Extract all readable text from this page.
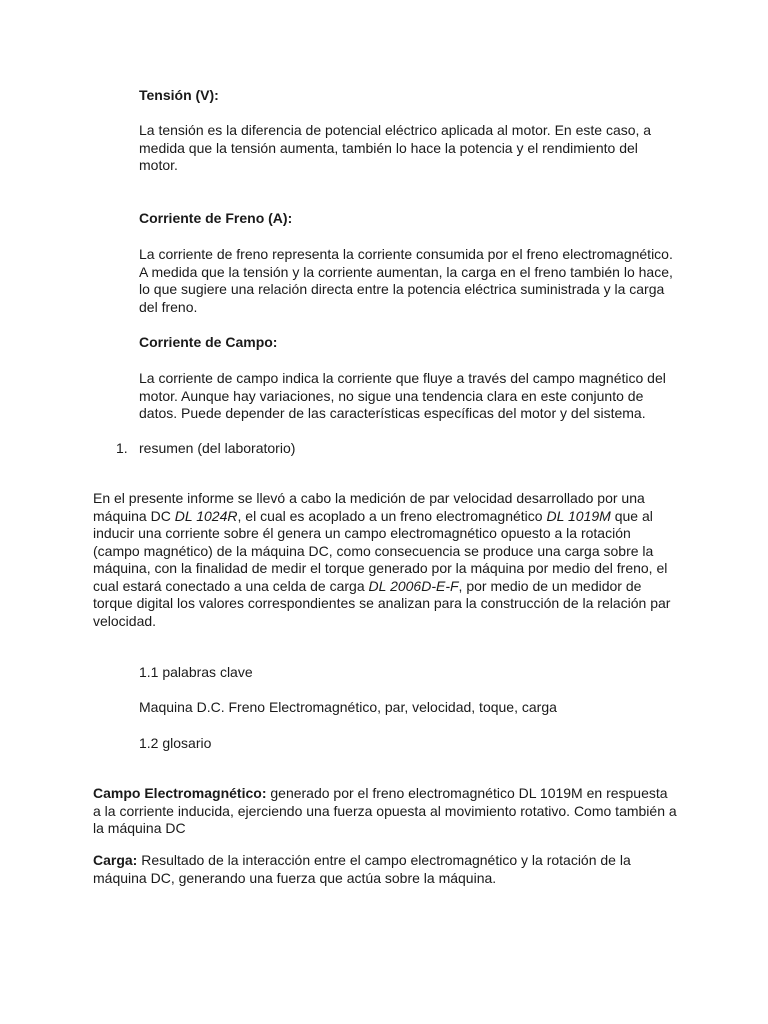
Tensión (V):

La tensión es la diferencia de potencial eléctrico aplicada al motor. En este caso, a medida que la tensión aumenta, también lo hace la potencia y el rendimiento del motor.

Corriente de Freno (A):

La corriente de freno representa la corriente consumida por el freno electromagnético. A medida que la tensión y la corriente aumentan, la carga en el freno también lo hace, lo que sugiere una relación directa entre la potencia eléctrica suministrada y la carga del freno.

Corriente de Campo:

La corriente de campo indica la corriente que fluye a través del campo magnético del motor. Aunque hay variaciones, no sigue una tendencia clara en este conjunto de datos. Puede depender de las características específicas del motor y del sistema.

1. resumen (del laboratorio)

En el presente informe se llevó a cabo la medición de par velocidad desarrollado por una máquina DC DL 1024R, el cual es acoplado a un freno electromagnético DL 1019M que al inducir una corriente sobre él genera un campo electromagnético opuesto a la rotación (campo magnético) de la máquina DC, como consecuencia se produce una carga sobre la máquina, con la finalidad de medir el torque generado por la máquina por medio del freno, el cual estará conectado a una celda de carga DL 2006D-E-F, por medio de un medidor de torque digital los valores correspondientes se analizan para la construcción de la relación par velocidad.

1.1 palabras clave

Maquina D.C. Freno Electromagnético, par, velocidad, toque, carga

1.2 glosario

Campo Electromagnético: generado por el freno electromagnético DL 1019M en respuesta a la corriente inducida, ejerciendo una fuerza opuesta al movimiento rotativo. Como también a la máquina DC

Carga: Resultado de la interacción entre el campo electromagnético y la rotación de la máquina DC, generando una fuerza que actúa sobre la máquina.
